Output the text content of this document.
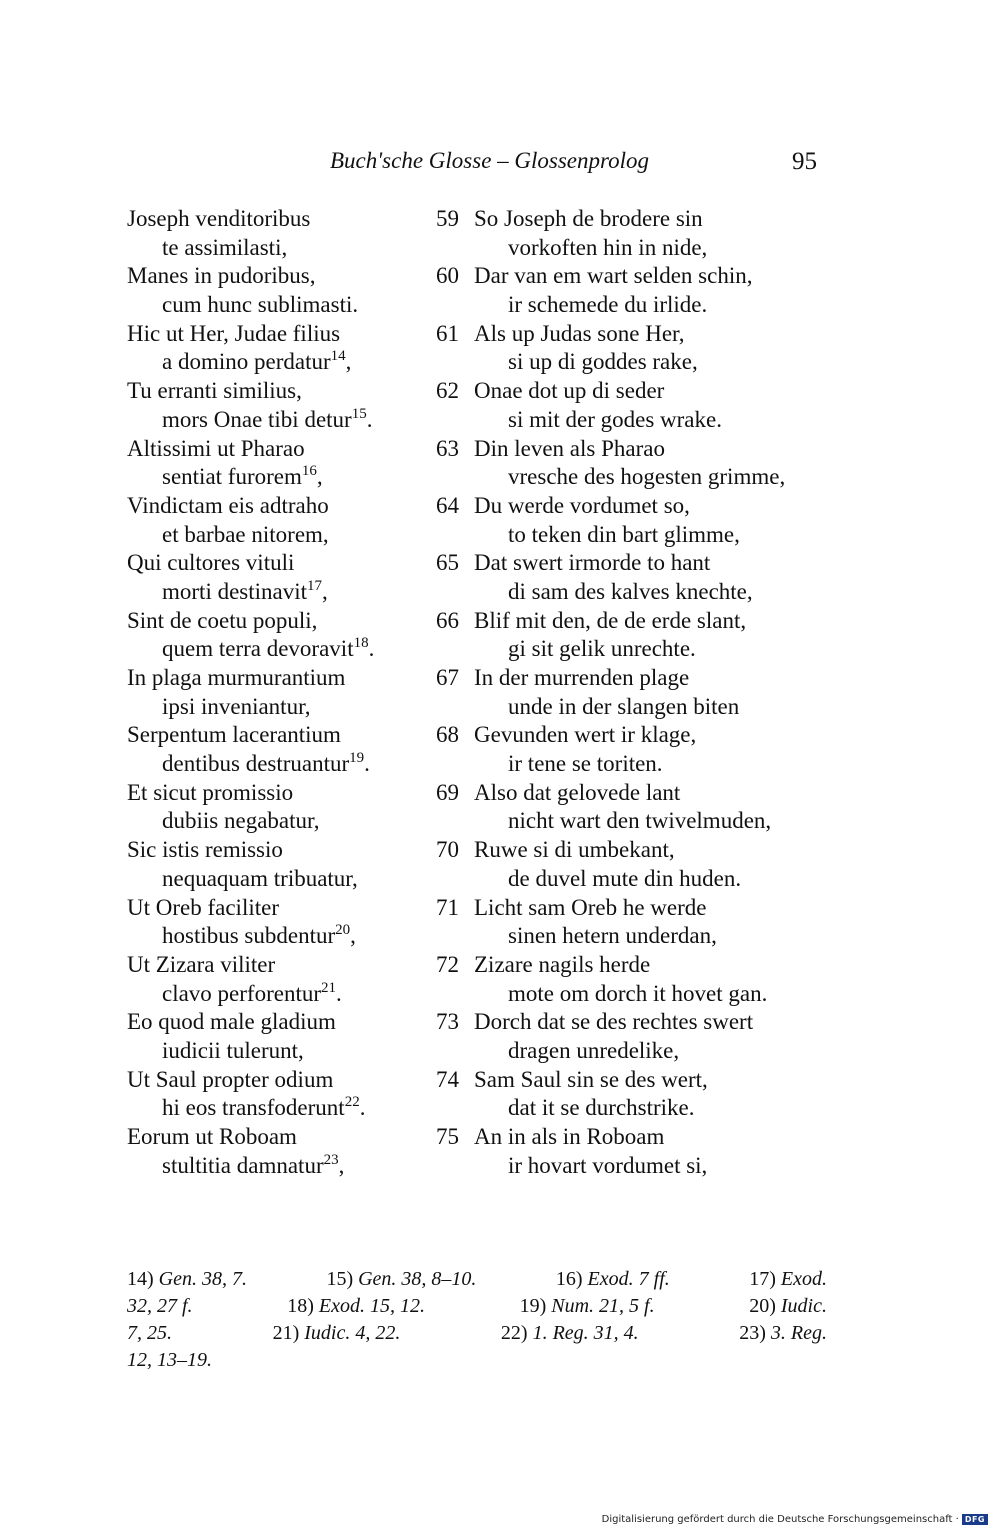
Buch'sche Glosse – Glossenprolog	95
Joseph venditoribus
te assimilasti,
Manes in pudoribus,
cum hunc sublimasti.
Hic ut Her, Judae filius
a domino perdatur$^{14}$,
Tu erranti similius,
mors Onae tibi detur$^{15}$.
Altissimi ut Pharao
sentiat furorem$^{16}$,
Vindictam eis adtraho
et barbae nitorem,
Qui cultores vituli
morti destinavit$^{17}$,
Sint de coetu populi,
quem terra devoravit$^{18}$.
In plaga murmurantium
ipsi inveniantur,
Serpentum lacerantium
dentibus destruantur$^{19}$.
Et sicut promissio
dubiis negabatur,
Sic istis remissio
nequaquam tribuatur,
Ut Oreb faciliter
hostibus subdentur$^{20}$,
Ut Zizara viliter
clavo perforentur$^{21}$.
Eo quod male gladium
iudicii tulerunt,
Ut Saul propter odium
hi eos transfoderunt$^{22}$.
Eorum ut Roboam
stultitia damnatur$^{23}$,
59 So Joseph de brodere sin
vorkoften hin in nide,
60 Dar van em wart selden schin,
ir schemede du irlide.
61 Als up Judas sone Her,
si up di goddes rake,
62 Onae dot up di seder
si mit der godes wrake.
63 Din leven als Pharao
vresche des hogesten grimme,
64 Du werde vordumet so,
to teken din bart glimme,
65 Dat swert irmorde to hant
di sam des kalves knechte,
66 Blif mit den, de de erde slant,
gi sit gelik unrechte.
67 In der murrenden plage
unde in der slangen biten
68 Gevunden wert ir klage,
ir tene se toriten.
69 Also dat gelovede lant
nicht wart den twivelmuden,
70 Ruwe si di umbekant,
de duvel mute din huden.
71 Licht sam Oreb he werde
sinen hetern underdan,
72 Zizare nagils herde
mote om dorch it hovet gan.
73 Dorch dat se des rechtes swert
dragen unredelike,
74 Sam Saul sin se des wert,
dat it se durchstrike.
75 An in als in Roboam
ir hovart vordumet si,
14) Gen. 38, 7.	15) Gen. 38, 8–10.	16) Exod. 7 ff.	17) Exod.
32, 27 f.	18) Exod. 15, 12.	19) Num. 21, 5 f.	20) Iudic.
7, 25.	21) Iudic. 4, 22.	22) 1. Reg. 31, 4.	23) 3. Reg.
12, 13–19.
Digitalisierung gefördert durch die Deutsche Forschungsgemeinschaft · DFG
